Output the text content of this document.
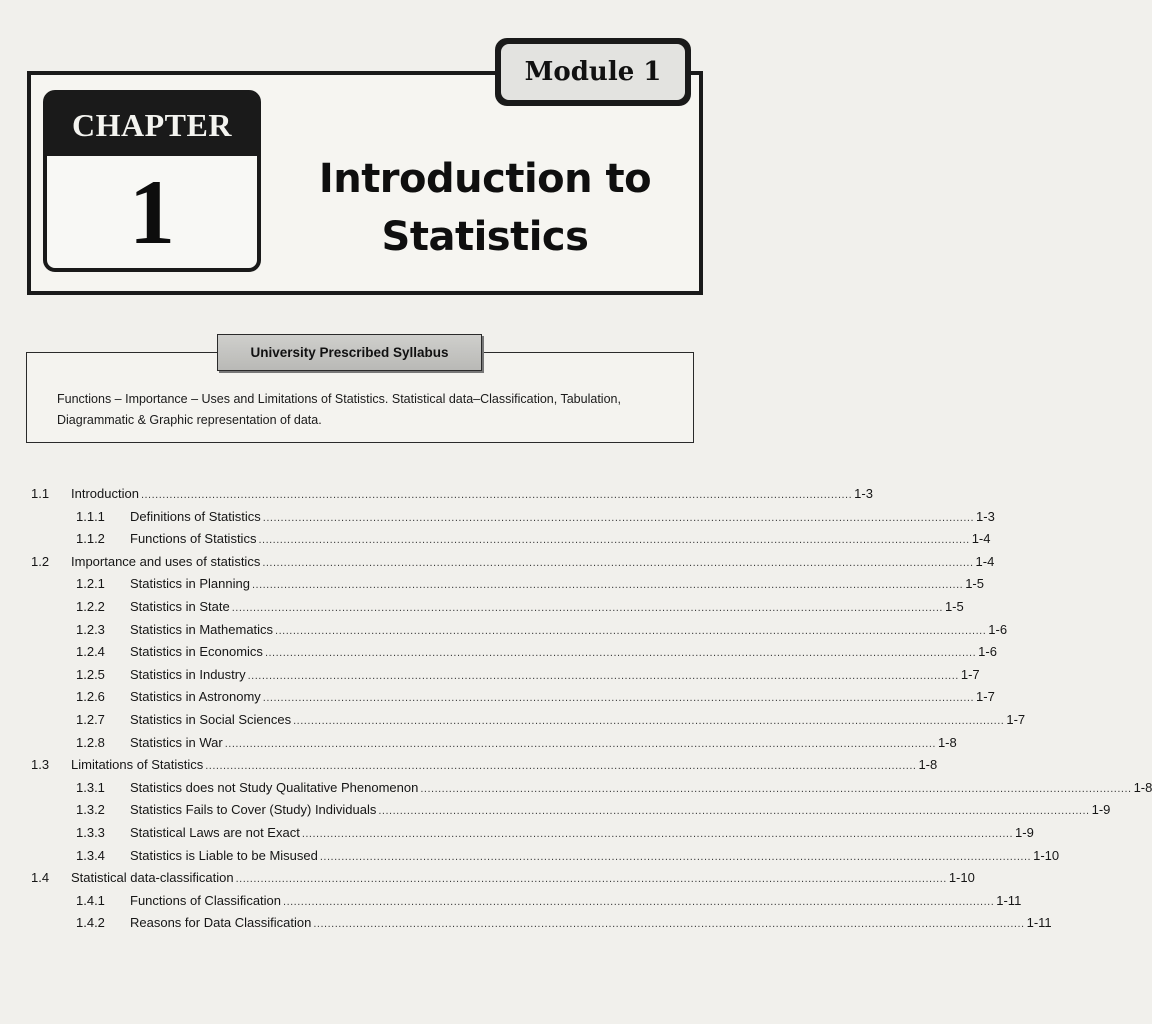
Module 1
CHAPTER
1	Introduction to
Statistics
University Prescribed Syllabus
Functions – Importance – Uses and Limitations of Statistics. Statistical data–Classification, Tabulation, Diagrammatic & Graphic representation of data.
1.1 Introduction ........................................................................................................................................................................................................ 1-3
1.1.1 Definitions of Statistics ........................................................................................................................................................................................................ 1-3
1.1.2 Functions of Statistics ........................................................................................................................................................................................................ 1-4
1.2 Importance and uses of statistics ........................................................................................................................................................................................................ 1-4
1.2.1 Statistics in Planning ........................................................................................................................................................................................................ 1-5
1.2.2 Statistics in State ........................................................................................................................................................................................................ 1-5
1.2.3 Statistics in Mathematics ........................................................................................................................................................................................................ 1-6
1.2.4 Statistics in Economics ........................................................................................................................................................................................................ 1-6
1.2.5 Statistics in Industry ........................................................................................................................................................................................................ 1-7
1.2.6 Statistics in Astronomy ........................................................................................................................................................................................................ 1-7
1.2.7 Statistics in Social Sciences ........................................................................................................................................................................................................ 1-7
1.2.8 Statistics in War ........................................................................................................................................................................................................ 1-8
1.3 Limitations of Statistics ........................................................................................................................................................................................................ 1-8
1.3.1 Statistics does not Study Qualitative Phenomenon ........................................................................................................................................................................................................ 1-8
1.3.2 Statistics Fails to Cover (Study) Individuals ........................................................................................................................................................................................................ 1-9
1.3.3 Statistical Laws are not Exact ........................................................................................................................................................................................................ 1-9
1.3.4 Statistics is Liable to be Misused ........................................................................................................................................................................................................ 1-10
1.4 Statistical data-classification ........................................................................................................................................................................................................ 1-10
1.4.1 Functions of Classification ........................................................................................................................................................................................................ 1-11
1.4.2 Reasons for Data Classification ........................................................................................................................................................................................................ 1-11
